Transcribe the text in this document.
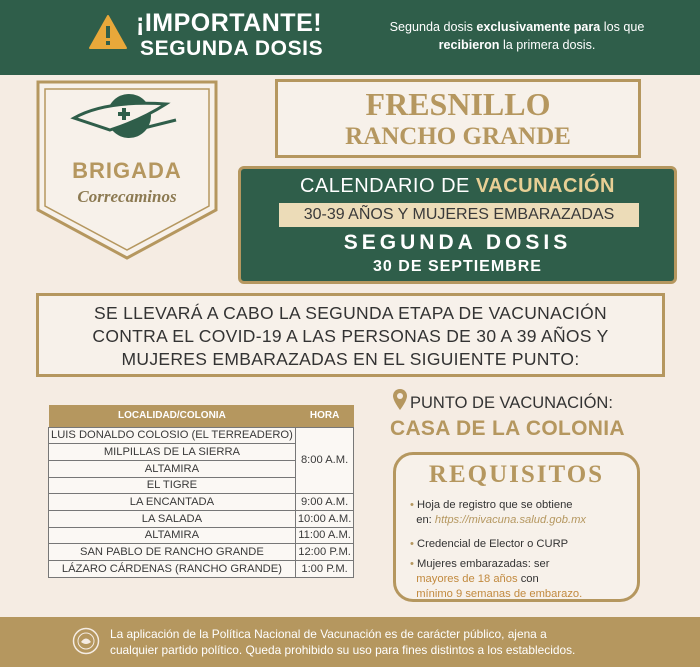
¡IMPORTANTE!
SEGUNDA DOSIS
Segunda dosis exclusivamente para los que
recibieron la primera dosis.
BRIGADA
Correcaminos
FRESNILLO
RANCHO GRANDE
CALENDARIO DE VACUNACIÓN
30-39 AÑOS Y MUJERES EMBARAZADAS
SEGUNDA DOSIS
30 DE SEPTIEMBRE
SE LLEVARÁ A CABO LA SEGUNDA ETAPA DE VACUNACIÓN
CONTRA EL COVID-19 A LAS PERSONAS DE 30 A 39 AÑOS Y
MUJERES EMBARAZADAS EN EL SIGUIENTE PUNTO:
LOCALIDAD/COLONIA	HORA
LUIS DONALDO COLOSIO (EL TERREADERO)	8:00 A.M.
MILPILLAS DE LA SIERRA	
ALTAMIRA	
EL TIGRE	
LA ENCANTADA	9:00 A.M.
LA SALADA	10:00 A.M.
ALTAMIRA	11:00 A.M.
SAN PABLO DE RANCHO GRANDE	12:00 P.M.
LÁZARO CÁRDENAS (RANCHO GRANDE)	1:00 P.M.
PUNTO DE VACUNACIÓN:
CASA DE LA COLONIA
REQUISITOS
• Hoja de registro que se obtiene
en: https://mivacuna.salud.gob.mx
• Credencial de Elector o CURP
• Mujeres embarazadas: ser
mayores de 18 años con
mínimo 9 semanas de embarazo.
La aplicación de la Política Nacional de Vacunación es de carácter público, ajena a
cualquier partido político. Queda prohibido su uso para fines distintos a los establecidos.
